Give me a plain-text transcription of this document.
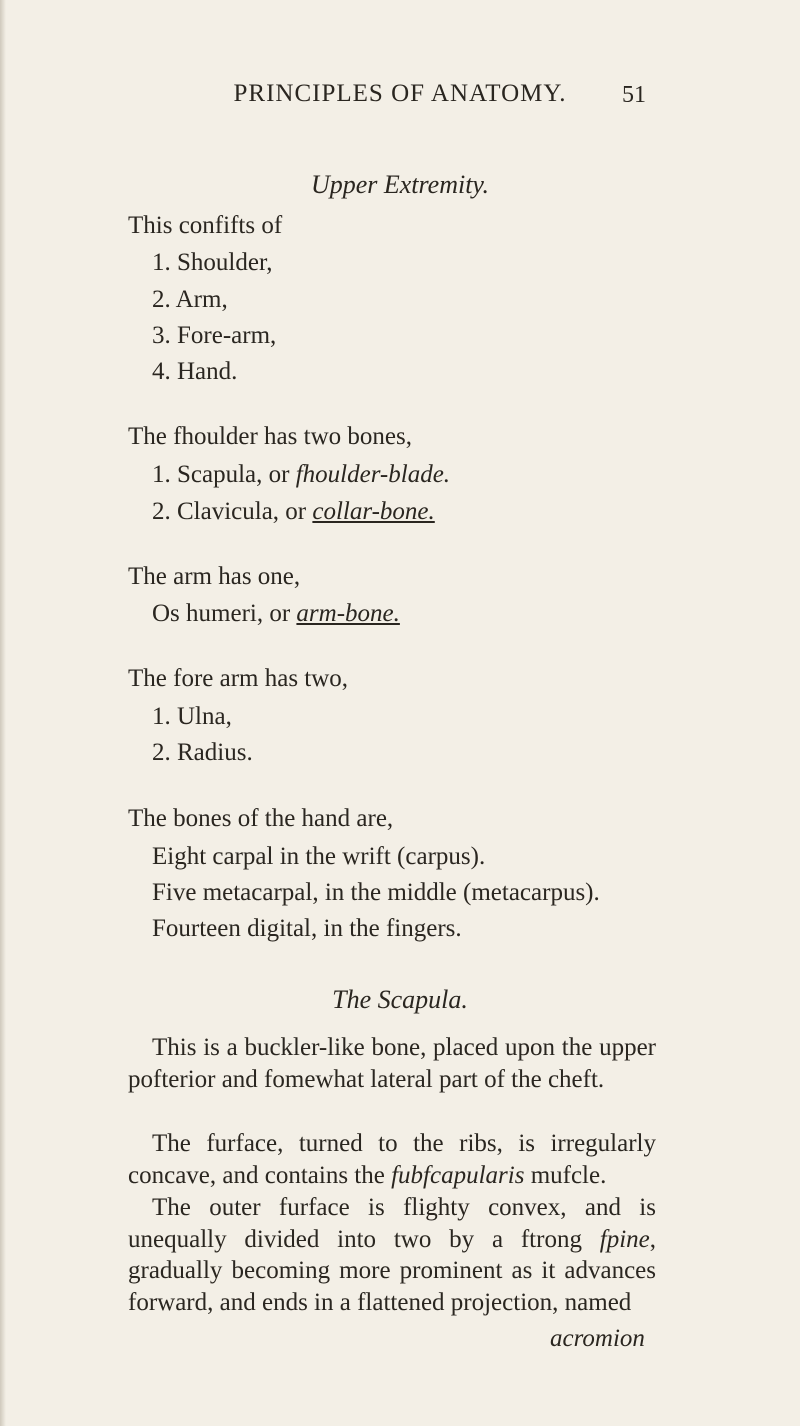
PRINCIPLES OF ANATOMY.	51
Upper Extremity.
This confifts of
1. Shoulder,
2. Arm,
3. Fore-arm,
4. Hand.
The fhoulder has two bones,
1. Scapula, or fhoulder-blade.
2. Clavicula, or collar-bone.
The arm has one,
Os humeri, or arm-bone.
The fore arm has two,
1. Ulna,
2. Radius.
The bones of the hand are,
Eight carpal in the wrift (carpus).
Five metacarpal, in the middle (metacarpus).
Fourteen digital, in the fingers.
The Scapula.
This is a buckler-like bone, placed upon the upper pofterior and fomewhat lateral part of the cheft.
The furface, turned to the ribs, is irregularly concave, and contains the fubfcapularis mufcle.
The outer furface is flighty convex, and is unequally divided into two by a ftrong fpine, gradually becoming more prominent as it advances forward, and ends in a flattened projection, named
acromion
